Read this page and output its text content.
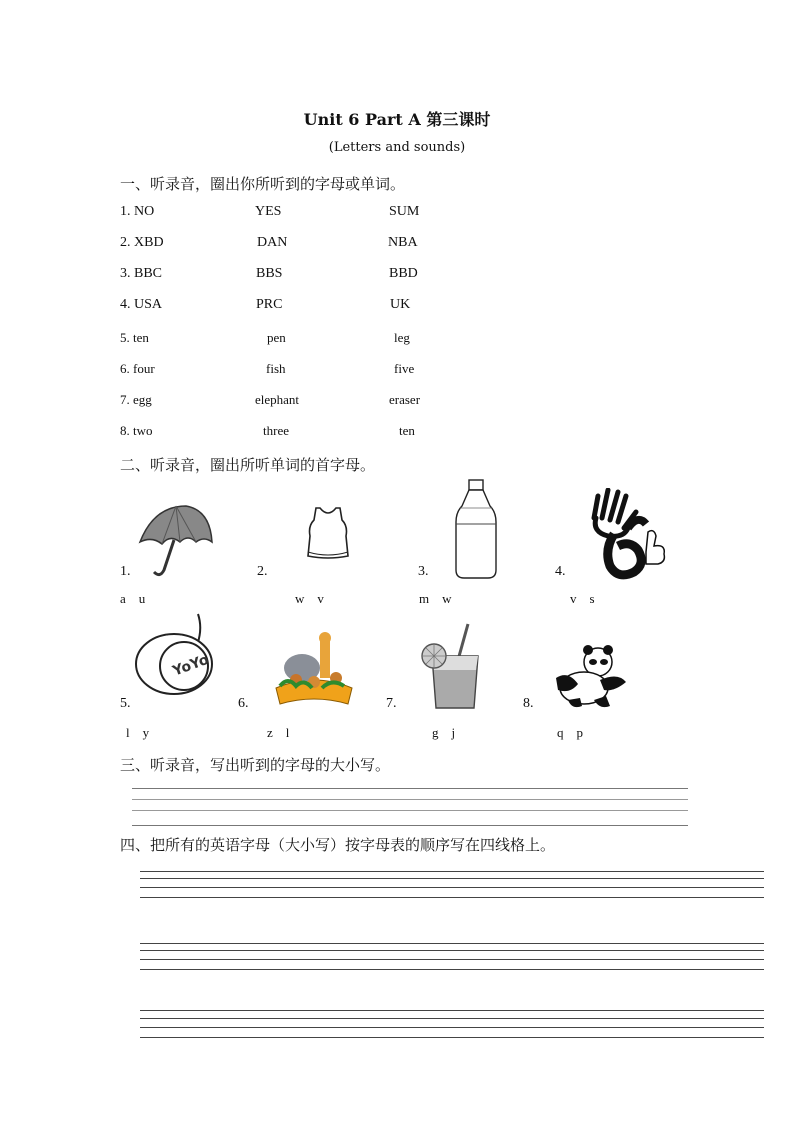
Unit 6 Part A 第三课时
(Letters and sounds)
一、听录音，圈出你所听到的字母或单词。
1. NO	YES	SUM
2. XBD	DAN	NBA
3. BBC	BBS	BBD
4. USA	PRC	UK
5. ten	pen	leg
6. four	fish	five
7. egg	elephant	eraser
8. two	three	ten
二、听录音，圈出所听单词的首字母。
1.	2.	3.	4.
a    u	w    v	m    w	v    s
YoYo
5.	6.	7.	8.
l    y	z    l	g    j	q    p
三、听录音，写出听到的字母的大小写。
四、把所有的英语字母（大小写）按字母表的顺序写在四线格上。
